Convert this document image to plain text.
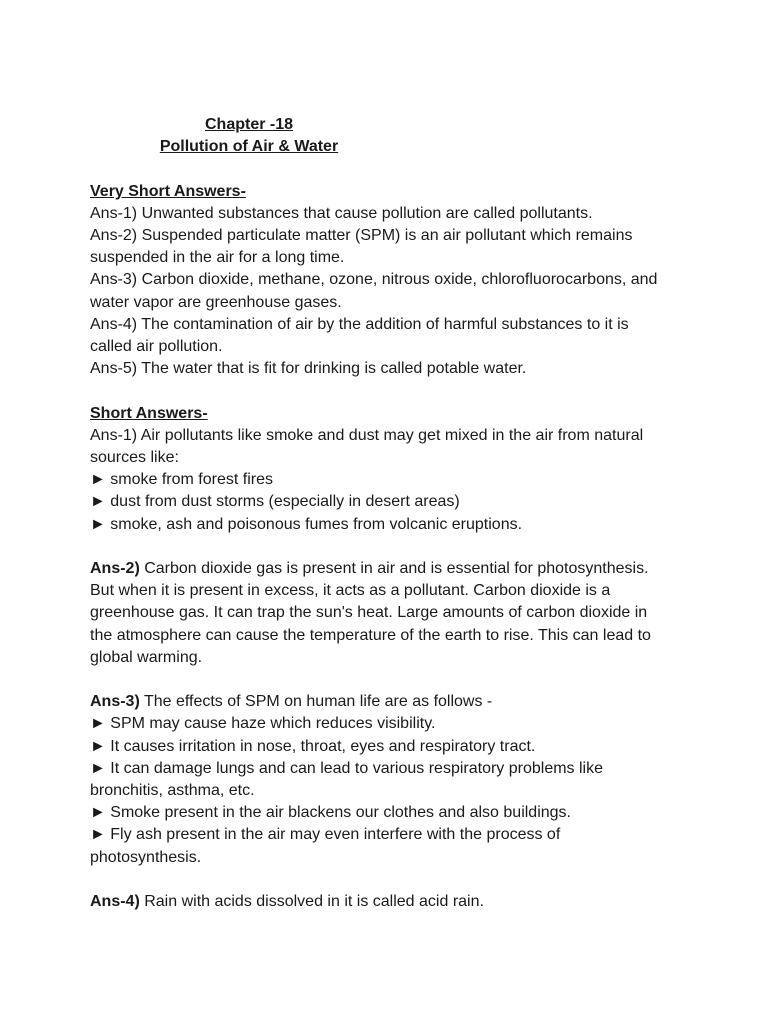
Chapter -18
Pollution of Air & Water
Very Short Answers-
Ans-1) Unwanted substances that cause pollution are called pollutants.
Ans-2) Suspended particulate matter (SPM) is an air pollutant which remains
suspended in the air for a long time.
Ans-3) Carbon dioxide, methane, ozone, nitrous oxide, chlorofluorocarbons, and
water vapor are greenhouse gases.
Ans-4) The contamination of air by the addition of harmful substances to it is
called air pollution.
Ans-5) The water that is fit for drinking is called potable water.
Short Answers-
Ans-1) Air pollutants like smoke and dust may get mixed in the air from natural
sources like:
► smoke from forest fires
► dust from dust storms (especially in desert areas)
► smoke, ash and poisonous fumes from volcanic eruptions.
Ans-2) Carbon dioxide gas is present in air and is essential for photosynthesis.
But when it is present in excess, it acts as a pollutant. Carbon dioxide is a
greenhouse gas. It can trap the sun's heat. Large amounts of carbon dioxide in
the atmosphere can cause the temperature of the earth to rise. This can lead to
global warming.
Ans-3) The effects of SPM on human life are as follows -
► SPM may cause haze which reduces visibility.
► It causes irritation in nose, throat, eyes and respiratory tract.
► It can damage lungs and can lead to various respiratory problems like
bronchitis, asthma, etc.
► Smoke present in the air blackens our clothes and also buildings.
► Fly ash present in the air may even interfere with the process of
photosynthesis.
Ans-4) Rain with acids dissolved in it is called acid rain.
